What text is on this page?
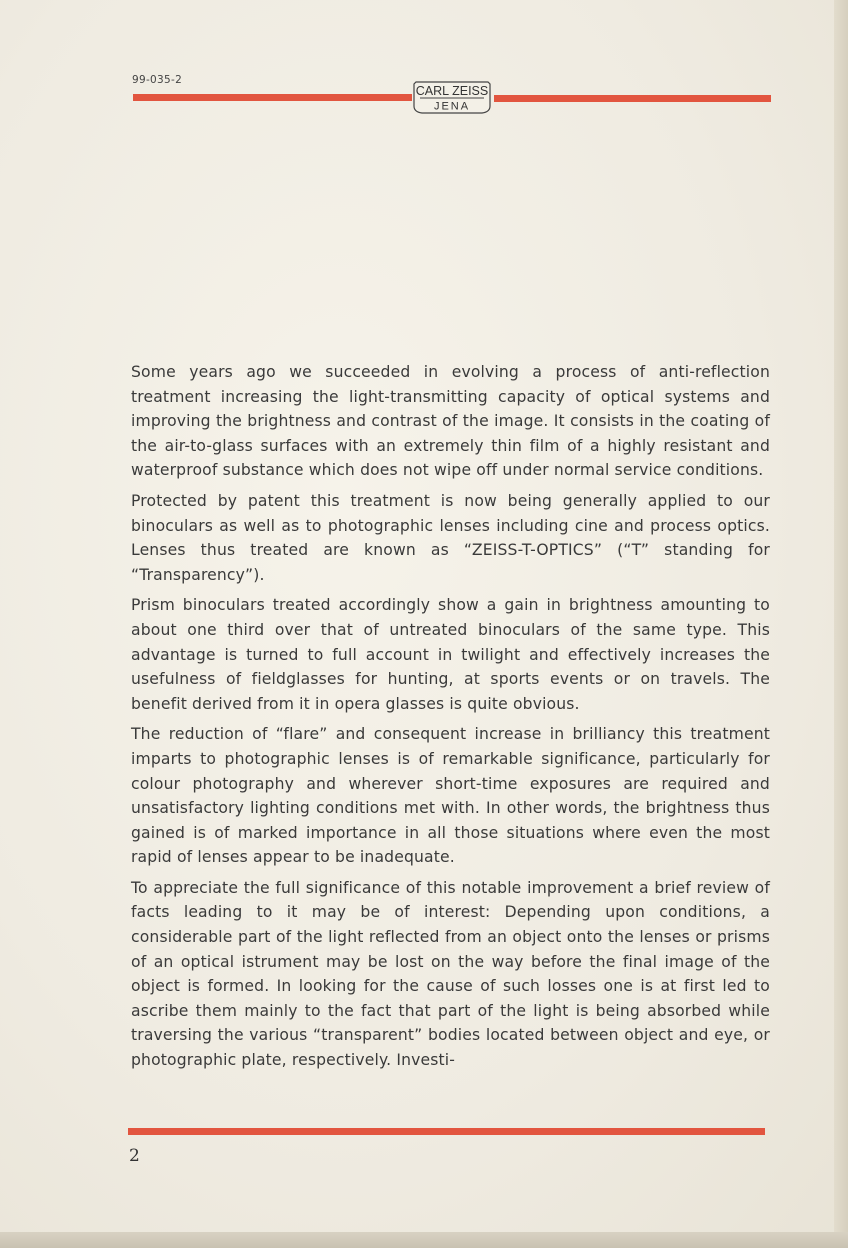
99-035-2
CARL ZEISS
JENA

Some years ago we succeeded in evolving a process of anti-reflection treatment increasing the light-transmitting capacity of optical systems and improving the brightness and contrast of the image. It consists in the coating of the air-to-glass surfaces with an extremely thin film of a highly resistant and waterproof substance which does not wipe off under normal service conditions.

Protected by patent this treatment is now being generally applied to our binoculars as well as to photographic lenses including cine and process optics. Lenses thus treated are known as “ZEISS-T-OPTICS” (“T” standing for “Transparency”).

Prism binoculars treated accordingly show a gain in brightness amounting to about one third over that of untreated binoculars of the same type. This advantage is turned to full account in twilight and effectively increases the usefulness of fieldglasses for hunting, at sports events or on travels. The benefit derived from it in opera glasses is quite obvious.

The reduction of “flare” and consequent increase in brilliancy this treatment imparts to photographic lenses is of remarkable significance, particularly for colour photography and wherever short-time exposures are required and unsatisfactory lighting conditions met with. In other words, the brightness thus gained is of marked importance in all those situations where even the most rapid of lenses appear to be inadequate.

To appreciate the full significance of this notable improvement a brief review of facts leading to it may be of interest: Depending upon conditions, a considerable part of the light reflected from an object onto the lenses or prisms of an optical istrument may be lost on the way before the final image of the object is formed. In looking for the cause of such losses one is at first led to ascribe them mainly to the fact that part of the light is being absorbed while traversing the various “transparent” bodies located between object and eye, or photographic plate, respectively. Investi-

2
